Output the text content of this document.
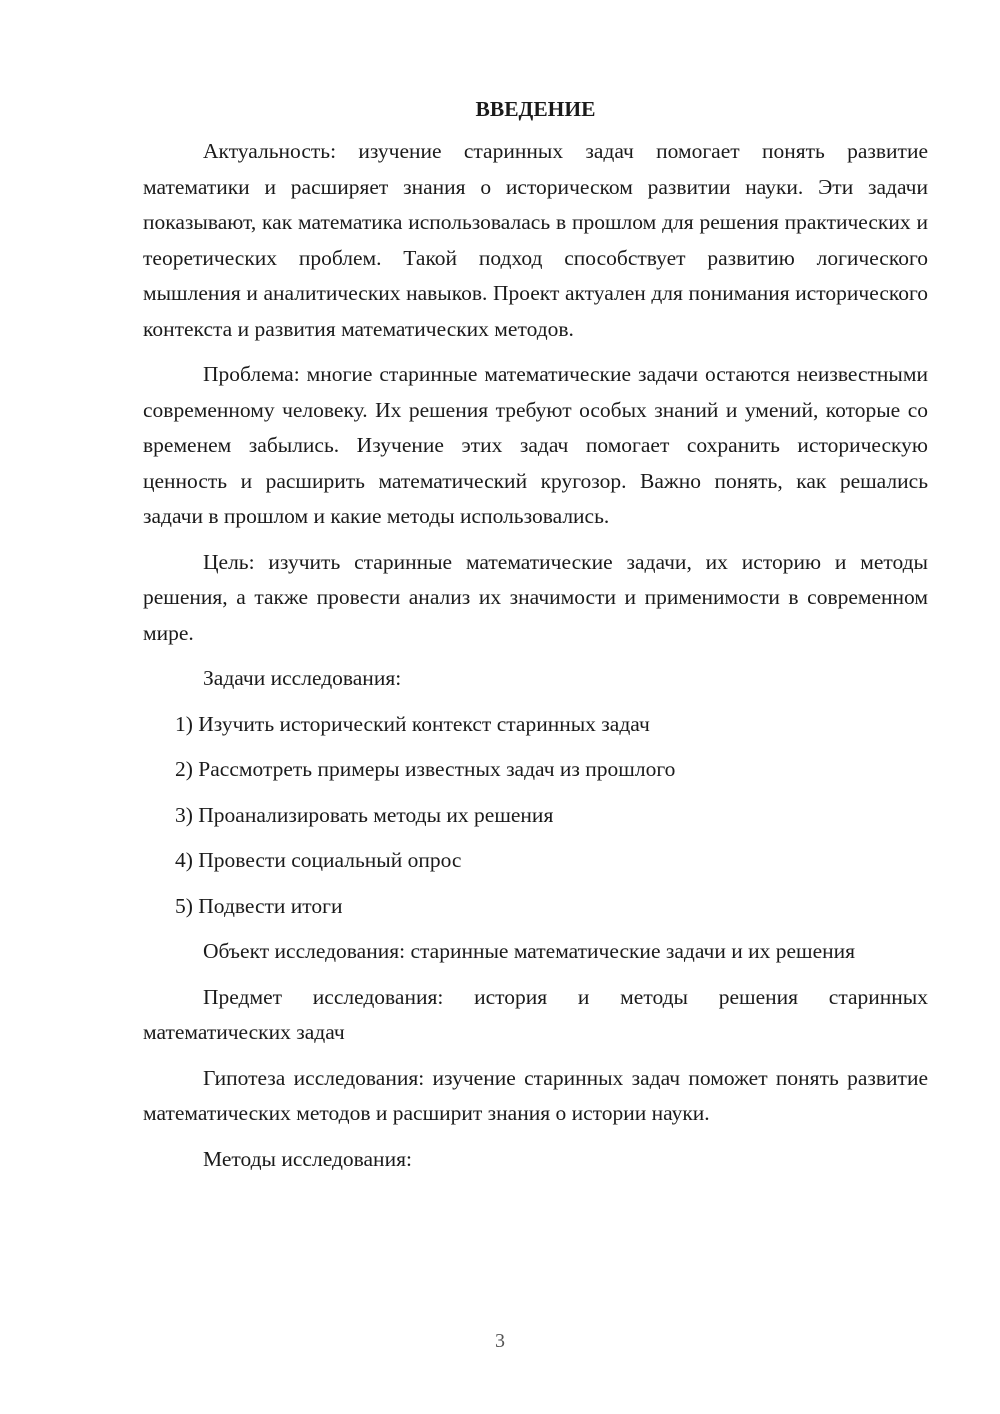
ВВЕДЕНИЕ

Актуальность: изучение старинных задач помогает понять развитие математики и расширяет знания о историческом развитии науки. Эти задачи показывают, как математика использовалась в прошлом для решения практических и теоретических проблем. Такой подход способствует развитию логического мышления и аналитических навыков. Проект актуален для понимания исторического контекста и развития математических методов.

Проблема: многие старинные математические задачи остаются неизвестными современному человеку. Их решения требуют особых знаний и умений, которые со временем забылись. Изучение этих задач помогает сохранить историческую ценность и расширить математический кругозор. Важно понять, как решались задачи в прошлом и какие методы использовались.

Цель: изучить старинные математические задачи, их историю и методы решения, а также провести анализ их значимости и применимости в современном мире.

Задачи исследования:

1) Изучить исторический контекст старинных задач
2) Рассмотреть примеры известных задач из прошлого
3) Проанализировать методы их решения
4) Провести социальный опрос
5) Подвести итоги

Объект исследования: старинные математические задачи и их решения

Предмет исследования: история и методы решения старинных математических задач

Гипотеза исследования: изучение старинных задач поможет понять развитие математических методов и расширит знания о истории науки.

Методы исследования:

3
